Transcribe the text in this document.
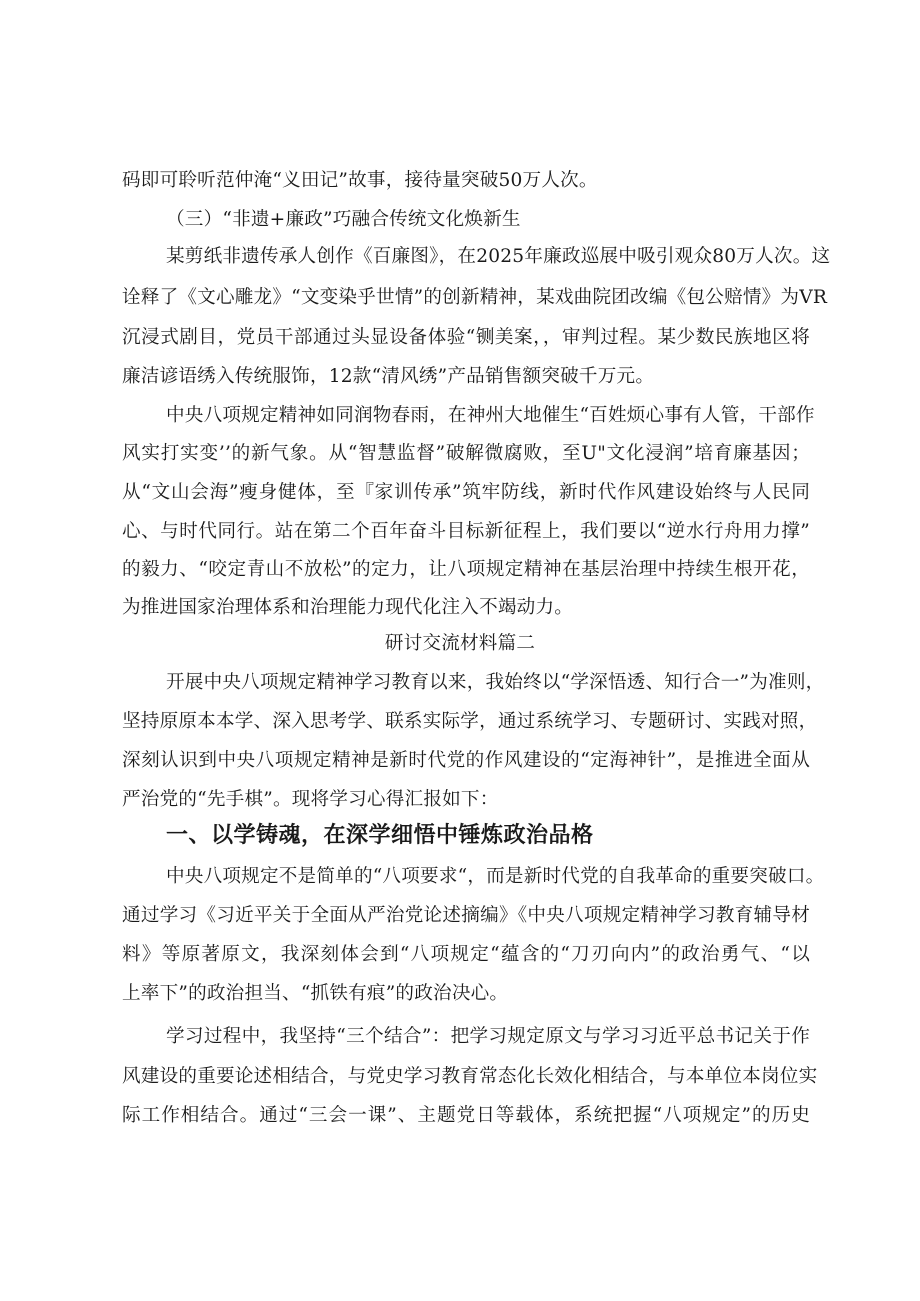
码即可聆听范仲淹“义田记”故事，接待量突破50万人次。
（三）“非遗+廉政”巧融合传统文化焕新生
某剪纸非遗传承人创作《百廉图》，在2025年廉政巡展中吸引观众80万人次。这
诠释了《文心雕龙》“文变染乎世情”的创新精神，某戏曲院团改编《包公赔情》为VR
沉浸式剧目，党员干部通过头显设备体验“铡美案，，审判过程。某少数民族地区将
廉洁谚语绣入传统服饰，12款“清风绣”产品销售额突破千万元。
中央八项规定精神如同润物春雨，在神州大地催生“百姓烦心事有人管，干部作
风实打实变’’的新气象。从“智慧监督”破解微腐败，至U"文化浸润”培育廉基因；
从“文山会海”瘦身健体，至『家训传承”筑牢防线，新时代作风建设始终与人民同
心、与时代同行。站在第二个百年奋斗目标新征程上，我们要以“逆水行舟用力撑”
的毅力、“咬定青山不放松”的定力，让八项规定精神在基层治理中持续生根开花，
为推进国家治理体系和治理能力现代化注入不竭动力。
研讨交流材料篇二
开展中央八项规定精神学习教育以来，我始终以“学深悟透、知行合一”为准则，
坚持原原本本学、深入思考学、联系实际学，通过系统学习、专题研讨、实践对照，
深刻认识到中央八项规定精神是新时代党的作风建设的“定海神针”，是推进全面从
严治党的“先手棋”。现将学习心得汇报如下：
一、以学铸魂，在深学细悟中锤炼政治品格
中央八项规定不是简单的“八项要求“，而是新时代党的自我革命的重要突破口。
通过学习《习近平关于全面从严治党论述摘编》《中央八项规定精神学习教育辅导材
料》等原著原文，我深刻体会到“八项规定“蕴含的“刀刃向内”的政治勇气、“以
上率下”的政治担当、“抓铁有痕”的政治决心。
学习过程中，我坚持“三个结合”：把学习规定原文与学习习近平总书记关于作
风建设的重要论述相结合，与党史学习教育常态化长效化相结合，与本单位本岗位实
际工作相结合。通过“三会一课”、主题党日等载体，系统把握“八项规定”的历史
